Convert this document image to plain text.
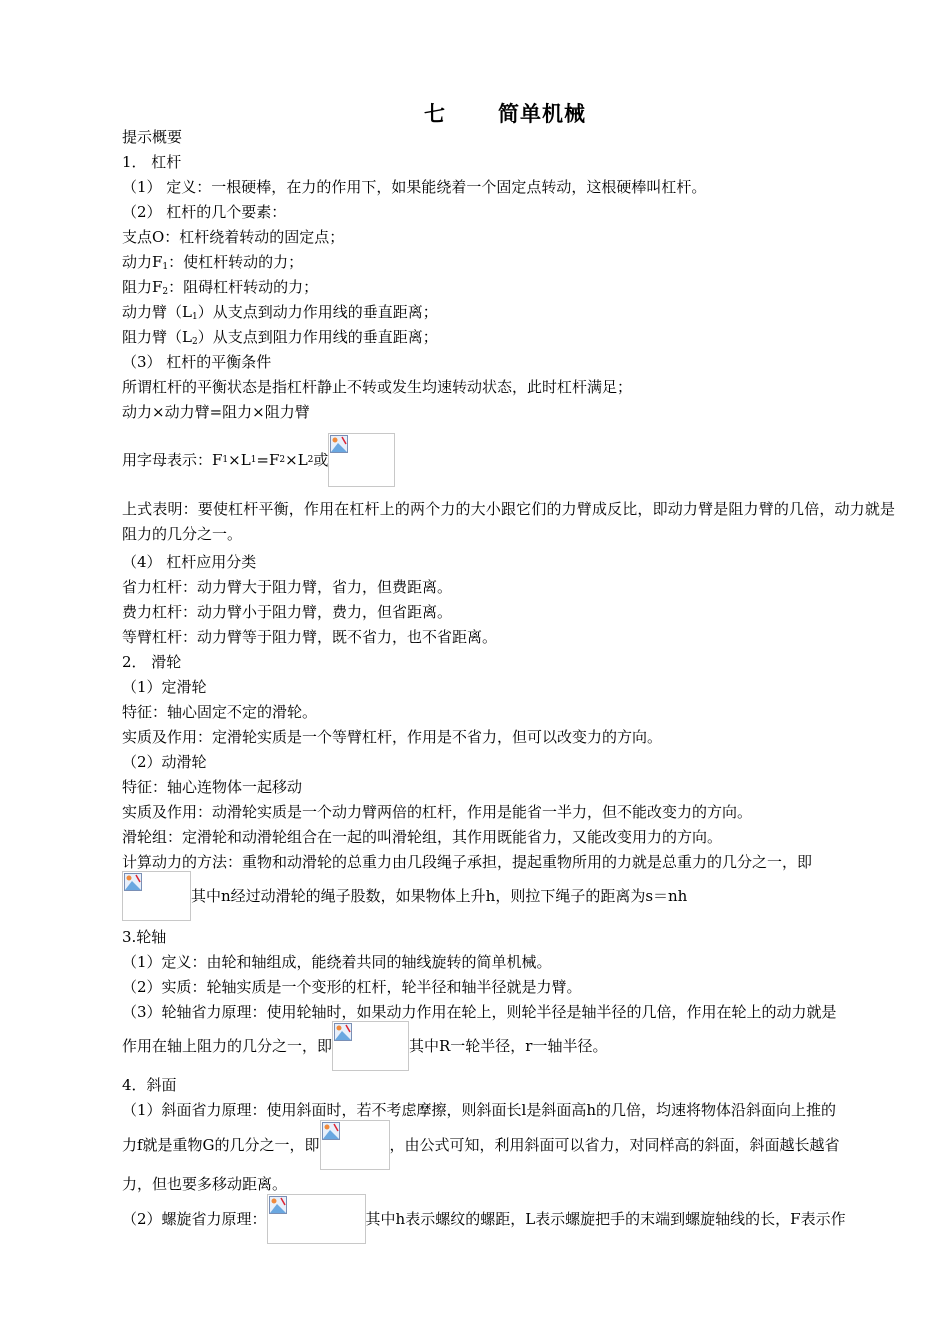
七 简单机械
提示概要
1． 杠杆
（1） 定义：一根硬棒，在力的作用下，如果能绕着一个固定点转动，这根硬棒叫杠杆。
（2） 杠杆的几个要素：
支点O：杠杆绕着转动的固定点；
动力$F_1$：使杠杆转动的力；
阻力$F_2$：阻碍杠杆转动的力；
动力臂$(L_1)$从支点到动力作用线的垂直距离；
阻力臂$(L_2)$从支点到阻力作用线的垂直距离；
（3） 杠杆的平衡条件
所谓杠杆的平衡状态是指杠杆静止不转或发生均速转动状态，此时杠杆满足；
动力×动力臂=阻力×阻力臂
用字母表示：F 1 ×L 1 =F 2 ×L 2 或
上式表明：要使杠杆平衡，作用在杠杆上的两个力的大小跟它们的力臂成反比，即动力臂是阻力臂的几倍，动力就是阻力的几分之一。
（4） 杠杆应用分类
省力杠杆：动力臂大于阻力臂，省力，但费距离。
费力杠杆：动力臂小于阻力臂，费力，但省距离。
等臂杠杆：动力臂等于阻力臂，既不省力，也不省距离。
2． 滑轮
（1）定滑轮
特征：轴心固定不定的滑轮。
实质及作用：定滑轮实质是一个等臂杠杆，作用是不省力，但可以改变力的方向。
（2）动滑轮
特征：轴心连物体一起移动
实质及作用：动滑轮实质是一个动力臂两倍的杠杆，作用是能省一半力，但不能改变力的方向。
滑轮组：定滑轮和动滑轮组合在一起的叫滑轮组，其作用既能省力，又能改变用力的方向。
计算动力的方法：重物和动滑轮的总重力由几段绳子承担，提起重物所用的力就是总重力的几分之一，即
其中n经过动滑轮的绳子股数，如果物体上升h，则拉下绳子的距离为s＝nh
3.轮轴
（1）定义：由轮和轴组成，能绕着共同的轴线旋转的简单机械。
（2）实质：轮轴实质是一个变形的杠杆，轮半径和轴半径就是力臂。
（3）轮轴省力原理：使用轮轴时，如果动力作用在轮上，则轮半径是轴半径的几倍，作用在轮上的动力就是
作用在轴上阻力的几分之一，即	其中R一轮半径，r一轴半径。
4．斜面
（1）斜面省力原理：使用斜面时，若不考虑摩擦，则斜面长l是斜面高h的几倍，均速将物体沿斜面向上推的
力f就是重物G的几分之一，即	，由公式可知，利用斜面可以省力，对同样高的斜面，斜面越长越省
力，但也要多移动距离。
（2）螺旋省力原理：	其中h表示螺纹的螺距，L表示螺旋把手的末端到螺旋轴线的长，F表示作
